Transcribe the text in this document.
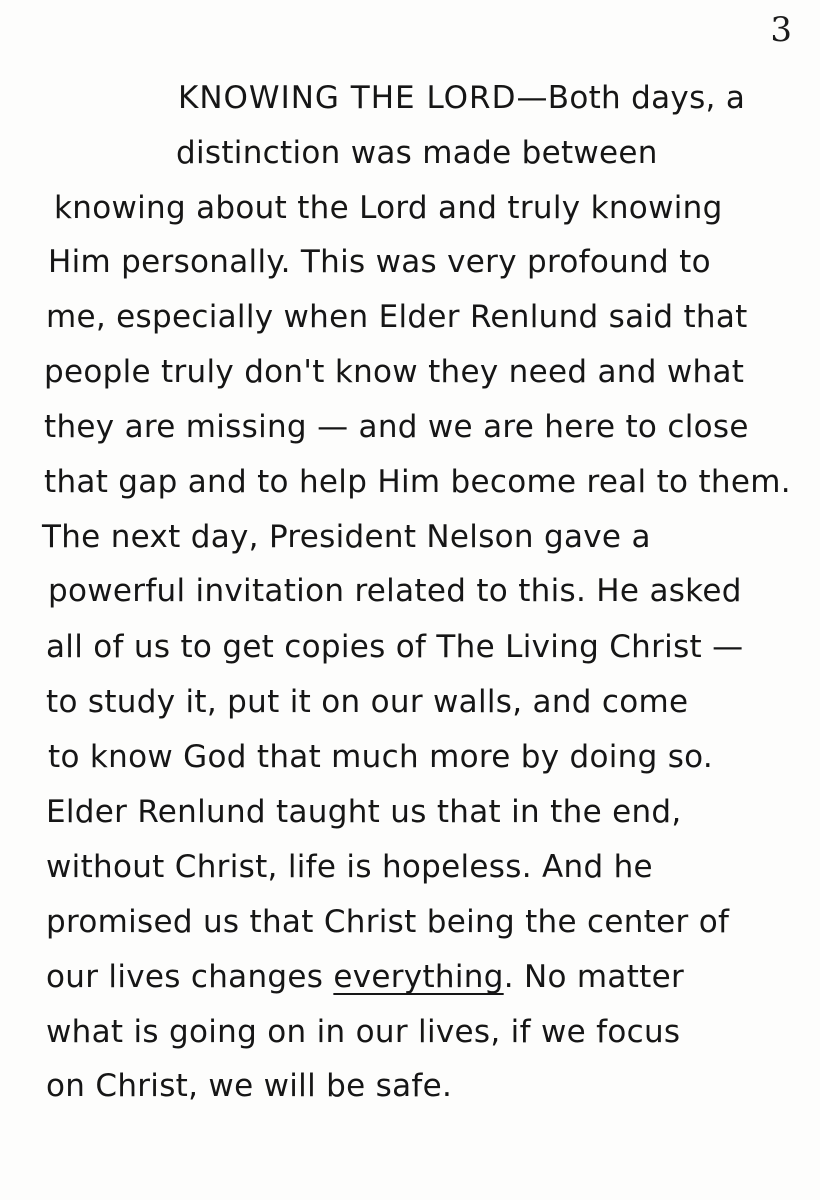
3
KNOWING THE LORD—Both days, a
distinction was made between
knowing about the Lord and truly knowing
Him personally. This was very profound to
me, especially when Elder Renlund said that
people truly don't know they need and what
they are missing — and we are here to close
that gap and to help Him become real to them.
The next day, President Nelson gave a
powerful invitation related to this. He asked
all of us to get copies of The Living Christ —
to study it, put it on our walls, and come
to know God that much more by doing so.
Elder Renlund taught us that in the end,
without Christ, life is hopeless. And he
promised us that Christ being the center of
our lives changes everything. No matter
what is going on in our lives, if we focus
on Christ, we will be safe.
